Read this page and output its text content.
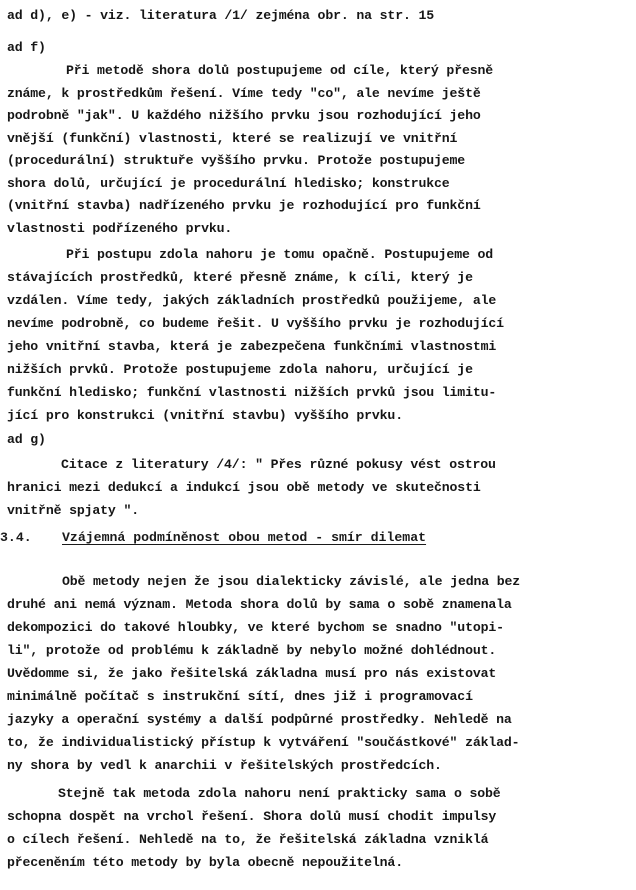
ad d), e) - viz. literatura /1/ zejména obr. na str. 15
ad f)
Při metodě shora dolů postupujeme od cíle, který přesně
známe, k prostředkům řešení. Víme tedy "co", ale nevíme ještě
podrobně "jak". U každého nižšího prvku jsou rozhodující jeho
vnější (funkční) vlastnosti, které se realizují ve vnitřní
(procedurální) struktuře vyššího prvku. Protože postupujeme
shora dolů, určující je procedurální hledisko; konstrukce
(vnitřní stavba) nadřízeného prvku je rozhodující pro funkční
vlastnosti podřízeného prvku.
Při postupu zdola nahoru je tomu opačně. Postupujeme od
stávajících prostředků, které přesně známe, k cíli, který je
vzdálen. Víme tedy, jakých základních prostředků použijeme, ale
nevíme podrobně, co budeme řešit. U vyššího prvku je rozhodující
jeho vnitřní stavba, která je zabezpečena funkčními vlastnostmi
nižších prvků. Protože postupujeme zdola nahoru, určující je
funkční hledisko; funkční vlastnosti nižších prvků jsou limitu-
jící pro konstrukci (vnitřní stavbu) vyššího prvku.
ad g)
Citace z literatury /4/: " Přes různé pokusy vést ostrou
hranici mezi dedukcí a indukcí jsou obě metody ve skutečnosti
vnitřně spjaty ".
3.4. Vzájemná podmíněnost obou metod - smír dilemat
Obě metody nejen že jsou dialekticky závislé, ale jedna bez
druhé ani nemá význam. Metoda shora dolů by sama o sobě znamenala
dekompozici do takové hloubky, ve které bychom se snadno "utopi-
li", protože od problému k základně by nebylo možné dohlédnout.
Uvědomme si, že jako řešitelská základna musí pro nás existovat
minimálně počítač s instrukční sítí, dnes již i programovací
jazyky a operační systémy a další podpůrné prostředky. Nehledě na
to, že individualistický přístup k vytváření "součástkové" základ-
ny shora by vedl k anarchii v řešitelských prostředcích.
Stejně tak metoda zdola nahoru není prakticky sama o sobě
schopna dospět na vrchol řešení. Shora dolů musí chodit impulsy
o cílech řešení. Nehledě na to, že řešitelská základna vzniklá
přeceněním této metody by byla obecně nepoužitelná.
